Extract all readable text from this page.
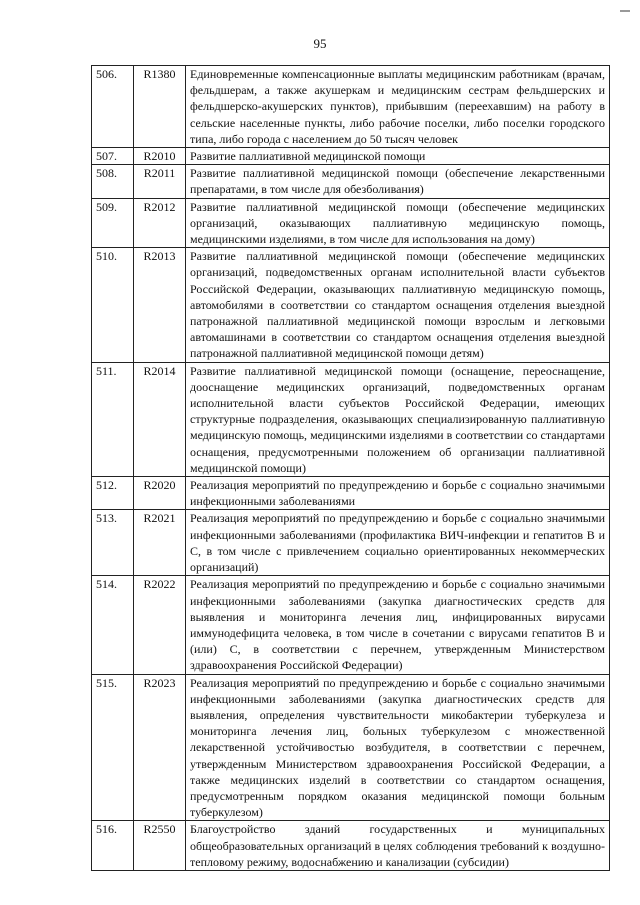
95
506.	R1380	Единовременные компенсационные выплаты медицинским работникам (врачам, фельдшерам, а также акушеркам и медицинским сестрам фельдшерских и фельдшерско-акушерских пунктов), прибывшим (переехавшим) на работу в сельские населенные пункты, либо рабочие поселки, либо поселки городского типа, либо города с населением до 50 тысяч человек
507.	R2010	Развитие паллиативной медицинской помощи
508.	R2011	Развитие паллиативной медицинской помощи (обеспечение лекарственными препаратами, в том числе для обезболивания)
509.	R2012	Развитие паллиативной медицинской помощи (обеспечение медицинских организаций, оказывающих паллиативную медицинскую помощь, медицинскими изделиями, в том числе для использования на дому)
510.	R2013	Развитие паллиативной медицинской помощи (обеспечение медицинских организаций, подведомственных органам исполнительной власти субъектов Российской Федерации, оказывающих паллиативную медицинскую помощь, автомобилями в соответствии со стандартом оснащения отделения выездной патронажной паллиативной медицинской помощи взрослым и легковыми автомашинами в соответствии со стандартом оснащения отделения выездной патронажной паллиативной медицинской помощи детям)
511.	R2014	Развитие паллиативной медицинской помощи (оснащение, переоснащение, дооснащение медицинских организаций, подведомственных органам исполнительной власти субъектов Российской Федерации, имеющих структурные подразделения, оказывающих специализированную паллиативную медицинскую помощь, медицинскими изделиями в соответствии со стандартами оснащения, предусмотренными положением об организации паллиативной медицинской помощи)
512.	R2020	Реализация мероприятий по предупреждению и борьбе с социально значимыми инфекционными заболеваниями
513.	R2021	Реализация мероприятий по предупреждению и борьбе с социально значимыми инфекционными заболеваниями (профилактика ВИЧ-инфекции и гепатитов В и С, в том числе с привлечением социально ориентированных некоммерческих организаций)
514.	R2022	Реализация мероприятий по предупреждению и борьбе с социально значимыми инфекционными заболеваниями (закупка диагностических средств для выявления и мониторинга лечения лиц, инфицированных вирусами иммунодефицита человека, в том числе в сочетании с вирусами гепатитов В и (или) С, в соответствии с перечнем, утвержденным Министерством здравоохранения Российской Федерации)
515.	R2023	Реализация мероприятий по предупреждению и борьбе с социально значимыми инфекционными заболеваниями (закупка диагностических средств для выявления, определения чувствительности микобактерии туберкулеза и мониторинга лечения лиц, больных туберкулезом с множественной лекарственной устойчивостью возбудителя, в соответствии с перечнем, утвержденным Министерством здравоохранения Российской Федерации, а также медицинских изделий в соответствии со стандартом оснащения, предусмотренным порядком оказания медицинской помощи больным туберкулезом)
516.	R2550	Благоустройство зданий государственных и муниципальных общеобразовательных организаций в целях соблюдения требований к воздушно-тепловому режиму, водоснабжению и канализации (субсидии)
